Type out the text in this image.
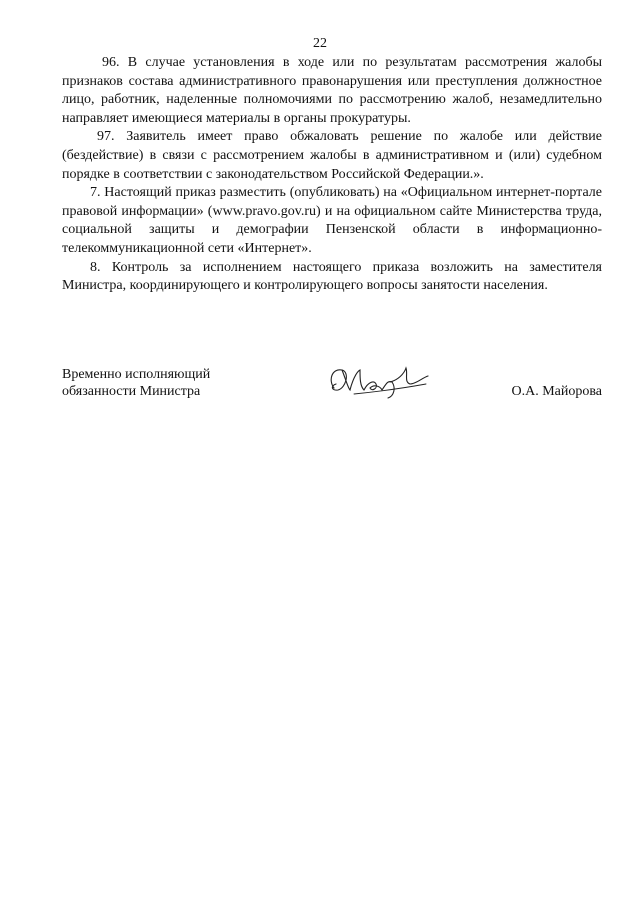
22

96. В случае установления в ходе или по результатам рассмотрения жалобы признаков состава административного правонарушения или преступления должностное лицо, работник, наделенные полномочиями по рассмотрению жалоб, незамедлительно направляет имеющиеся материалы в органы прокуратуры.

97. Заявитель имеет право обжаловать решение по жалобе или действие (бездействие) в связи с рассмотрением жалобы в административном и (или) судебном порядке в соответствии с законодательством Российской Федерации.».

7. Настоящий приказ разместить (опубликовать) на «Официальном интернет-портале правовой информации» (www.pravo.gov.ru) и на официальном сайте Министерства труда, социальной защиты и демографии Пензенской области в информационно-телекоммуникационной сети «Интернет».

8. Контроль за исполнением настоящего приказа возложить на заместителя Министра, координирующего и контролирующего вопросы занятости населения.

Временно исполняющий
обязанности Министра	О.А. Майорова
